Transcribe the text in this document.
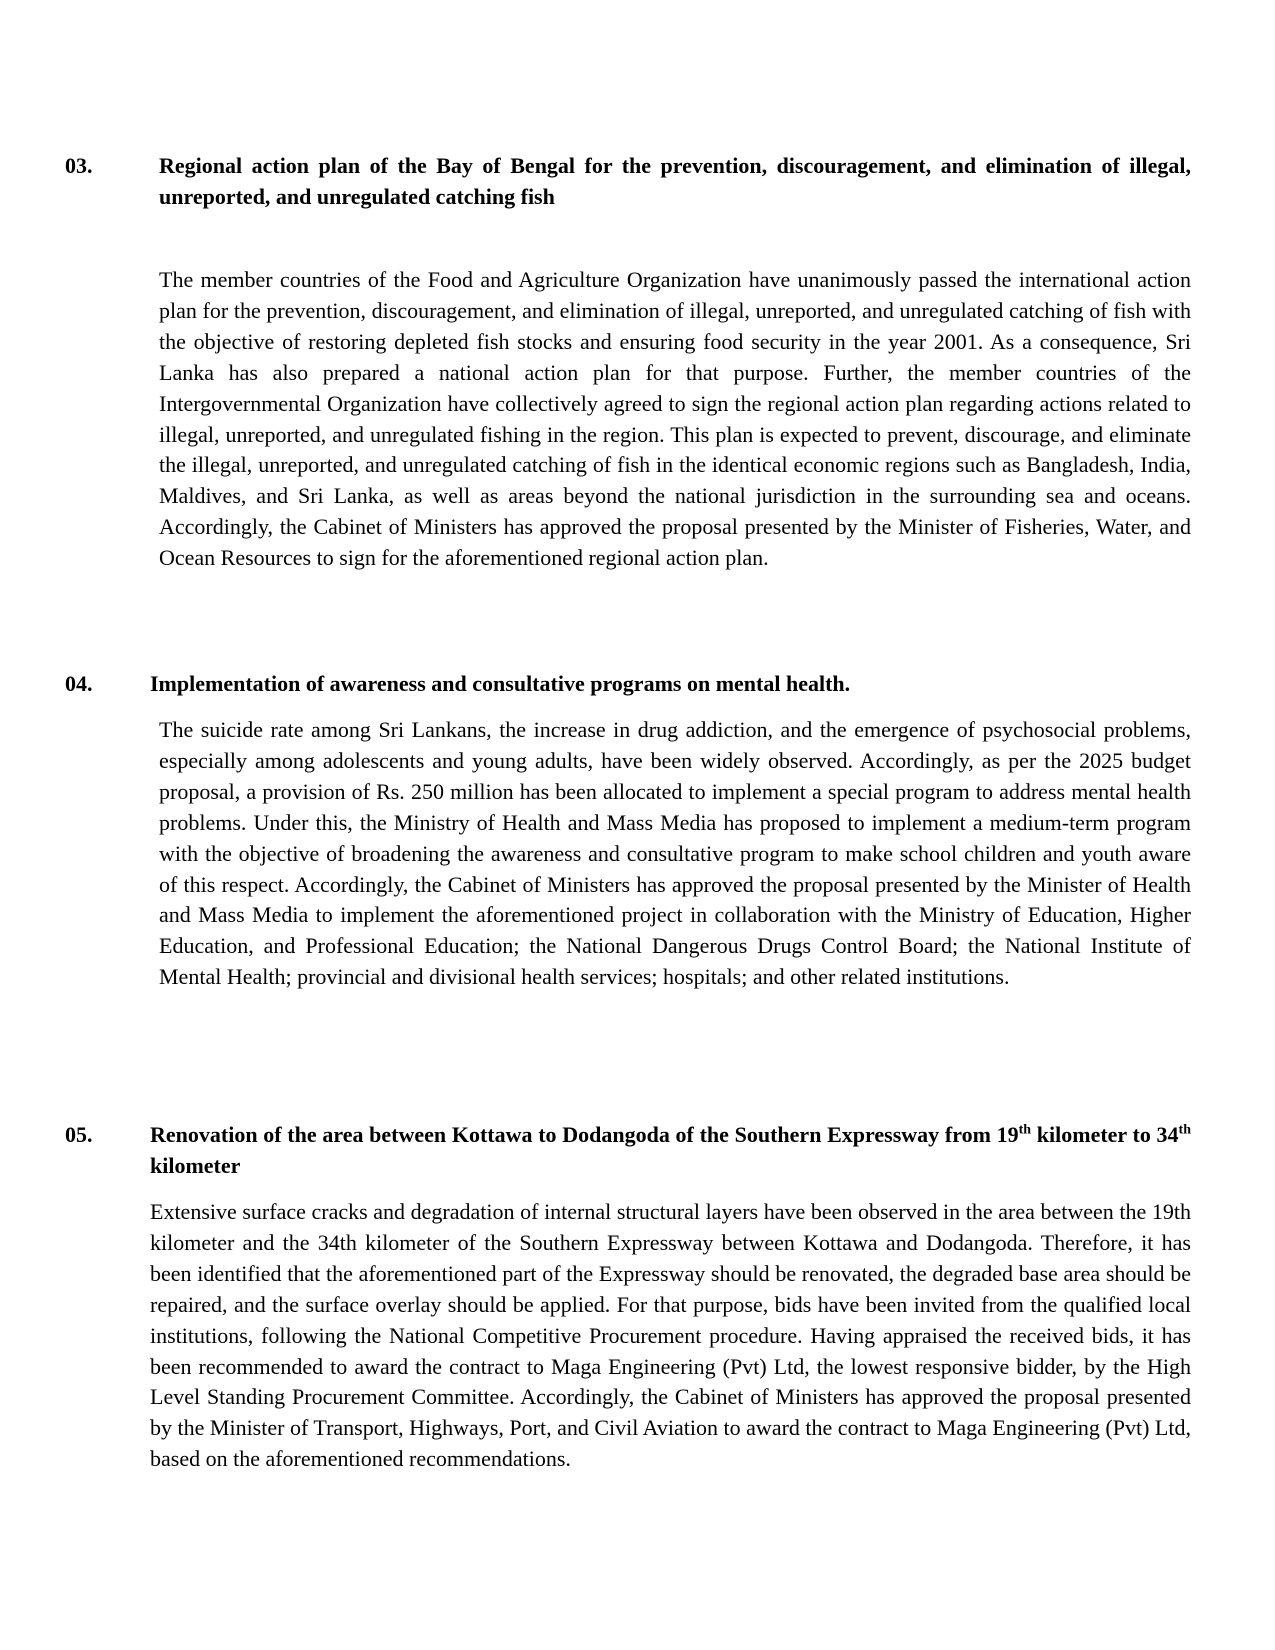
03.	Regional action plan of the Bay of Bengal for the prevention, discouragement, and elimination of illegal, unreported, and unregulated catching fish

The member countries of the Food and Agriculture Organization have unanimously passed the international action plan for the prevention, discouragement, and elimination of illegal, unreported, and unregulated catching of fish with the objective of restoring depleted fish stocks and ensuring food security in the year 2001. As a consequence, Sri Lanka has also prepared a national action plan for that purpose. Further, the member countries of the Intergovernmental Organization have collectively agreed to sign the regional action plan regarding actions related to illegal, unreported, and unregulated fishing in the region. This plan is expected to prevent, discourage, and eliminate the illegal, unreported, and unregulated catching of fish in the identical economic regions such as Bangladesh, India, Maldives, and Sri Lanka, as well as areas beyond the national jurisdiction in the surrounding sea and oceans. Accordingly, the Cabinet of Ministers has approved the proposal presented by the Minister of Fisheries, Water, and Ocean Resources to sign for the aforementioned regional action plan.

04.	Implementation of awareness and consultative programs on mental health.

The suicide rate among Sri Lankans, the increase in drug addiction, and the emergence of psychosocial problems, especially among adolescents and young adults, have been widely observed. Accordingly, as per the 2025 budget proposal, a provision of Rs. 250 million has been allocated to implement a special program to address mental health problems. Under this, the Ministry of Health and Mass Media has proposed to implement a medium-term program with the objective of broadening the awareness and consultative program to make school children and youth aware of this respect. Accordingly, the Cabinet of Ministers has approved the proposal presented by the Minister of Health and Mass Media to implement the aforementioned project in collaboration with the Ministry of Education, Higher Education, and Professional Education; the National Dangerous Drugs Control Board; the National Institute of Mental Health; provincial and divisional health services; hospitals; and other related institutions.

05.	Renovation of the area between Kottawa to Dodangoda of the Southern Expressway from 19th kilometer to 34th kilometer

Extensive surface cracks and degradation of internal structural layers have been observed in the area between the 19th kilometer and the 34th kilometer of the Southern Expressway between Kottawa and Dodangoda. Therefore, it has been identified that the aforementioned part of the Expressway should be renovated, the degraded base area should be repaired, and the surface overlay should be applied. For that purpose, bids have been invited from the qualified local institutions, following the National Competitive Procurement procedure. Having appraised the received bids, it has been recommended to award the contract to Maga Engineering (Pvt) Ltd, the lowest responsive bidder, by the High Level Standing Procurement Committee. Accordingly, the Cabinet of Ministers has approved the proposal presented by the Minister of Transport, Highways, Port, and Civil Aviation to award the contract to Maga Engineering (Pvt) Ltd, based on the aforementioned recommendations.
